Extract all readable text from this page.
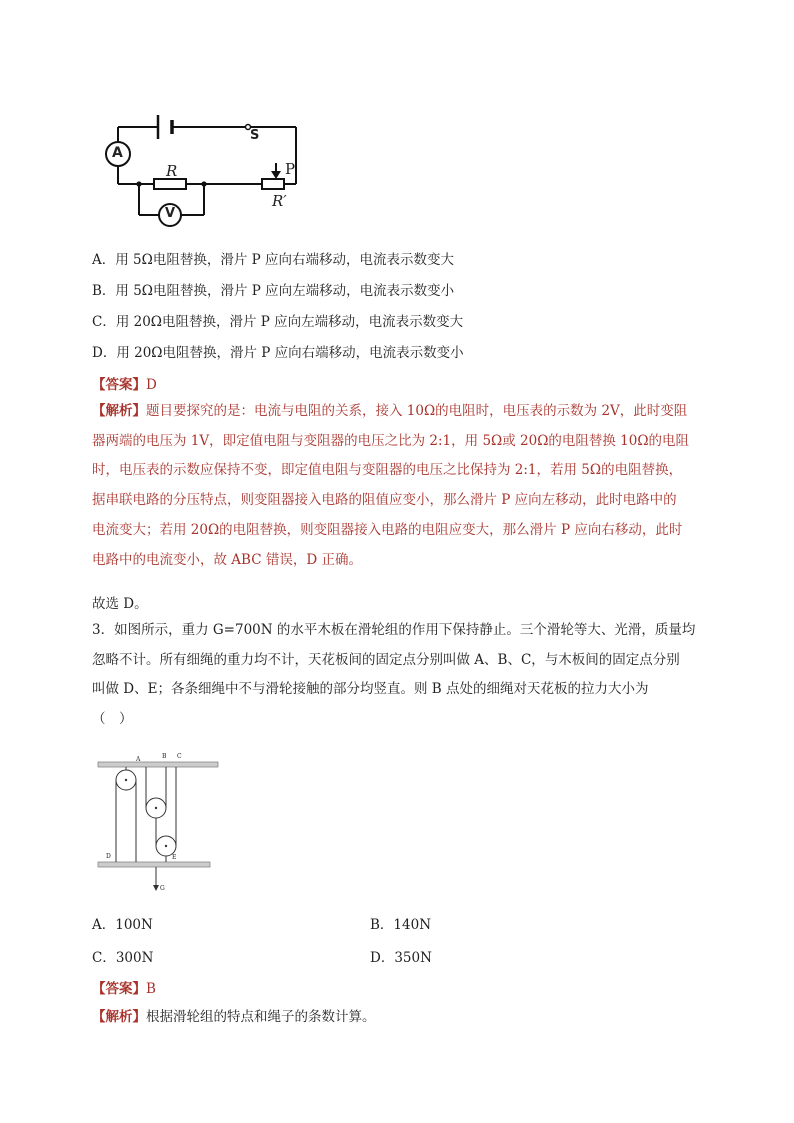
A
V
S
P
R
R′
A．用 5Ω电阻替换，滑片 P 应向右端移动，电流表示数变大
B．用 5Ω电阻替换，滑片 P 应向左端移动，电流表示数变小
C．用 20Ω电阻替换，滑片 P 应向左端移动，电流表示数变大
D．用 20Ω电阻替换，滑片 P 应向右端移动，电流表示数变小
【答案】D
【解析】题目要探究的是：电流与电阻的关系，接入 10Ω的电阻时，电压表的示数为 2V，此时变阻
器两端的电压为 1V，即定值电阻与变阻器的电压之比为 2:1，用 5Ω或 20Ω的电阻替换 10Ω的电阻
时，电压表的示数应保持不变，即定值电阻与变阻器的电压之比保持为 2:1，若用 5Ω的电阻替换，
据串联电路的分压特点，则变阻器接入电路的阻值应变小，那么滑片 P 应向左移动，此时电路中的
电流变大；若用 20Ω的电阻替换，则变阻器接入电路的电阻应变大，那么滑片 P 应向右移动，此时
电路中的电流变小，故 ABC 错误，D 正确。
故选 D。
3．如图所示，重力 G=700N 的水平木板在滑轮组的作用下保持静止。三个滑轮等大、光滑，质量均
忽略不计。所有细绳的重力均不计，天花板间的固定点分别叫做 A、B、C，与木板间的固定点分别
叫做 D、E；各条细绳中不与滑轮接触的部分均竖直。则 B 点处的细绳对天花板的拉力大小为
（　）
A	B C
D	E
G
A．100N	B．140N
C．300N	D．350N
【答案】B
【解析】根据滑轮组的特点和绳子的条数计算。
